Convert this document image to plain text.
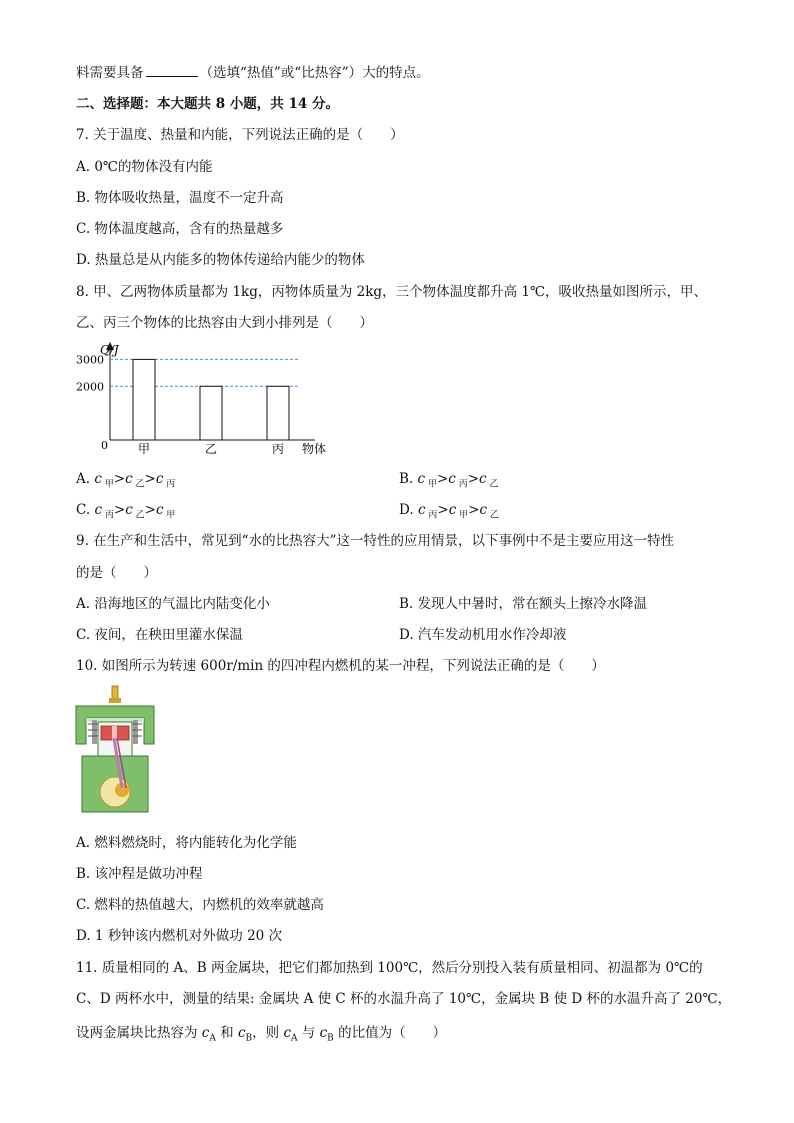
料需要具备	（选填“热值”或“比热容”）大的特点。
二、选择题：本大题共 8 小题，共 14 分。
7. 关于温度、热量和内能，下列说法正确的是（　　）
A. 0℃的物体没有内能
B. 物体吸收热量，温度不一定升高
C. 物体温度越高，含有的热量越多
D. 热量总是从内能多的物体传递给内能少的物体
8. 甲、乙两物体质量都为 1kg，丙物体质量为 2kg，三个物体温度都升高 1℃，吸收热量如图所示，甲、
乙、丙三个物体的比热容由大到小排列是（　　）
Q/J
0	物体
3000
2000
甲	乙	丙
A. c $_甲$>c $_乙$>c $_丙$	B. c $_甲$>c $_丙$>c $_乙$
C. c $_丙$>c $_乙$>c $_甲$	D. c $_丙$>c $_甲$>c $_乙$
9. 在生产和生活中，常见到“水的比热容大”这一特性的应用情景，以下事例中不是主要应用这一特性
的是（　　）
A. 沿海地区的气温比内陆变化小	B. 发现人中暑时，常在额头上擦冷水降温
C. 夜间，在秧田里灌水保温	D. 汽车发动机用水作冷却液
10. 如图所示为转速 600r/min 的四冲程内燃机的某一冲程，下列说法正确的是（　　）
A. 燃料燃烧时，将内能转化为化学能
B. 该冲程是做功冲程
C. 燃料的热值越大，内燃机的效率就越高
D. 1 秒钟该内燃机对外做功 20 次
11. 质量相同的 A、B 两金属块，把它们都加热到 100℃，然后分别投入装有质量相同、初温都为 0℃的
C、D 两杯水中，测量的结果: 金属块 A 使 C 杯的水温升高了 10℃，金属块 B 使 D 杯的水温升高了 20℃，
设两金属块比热容为 $c_A$ 和 $c_B$，则 $c_A$ 与 $c_B$ 的比值为（　　）
